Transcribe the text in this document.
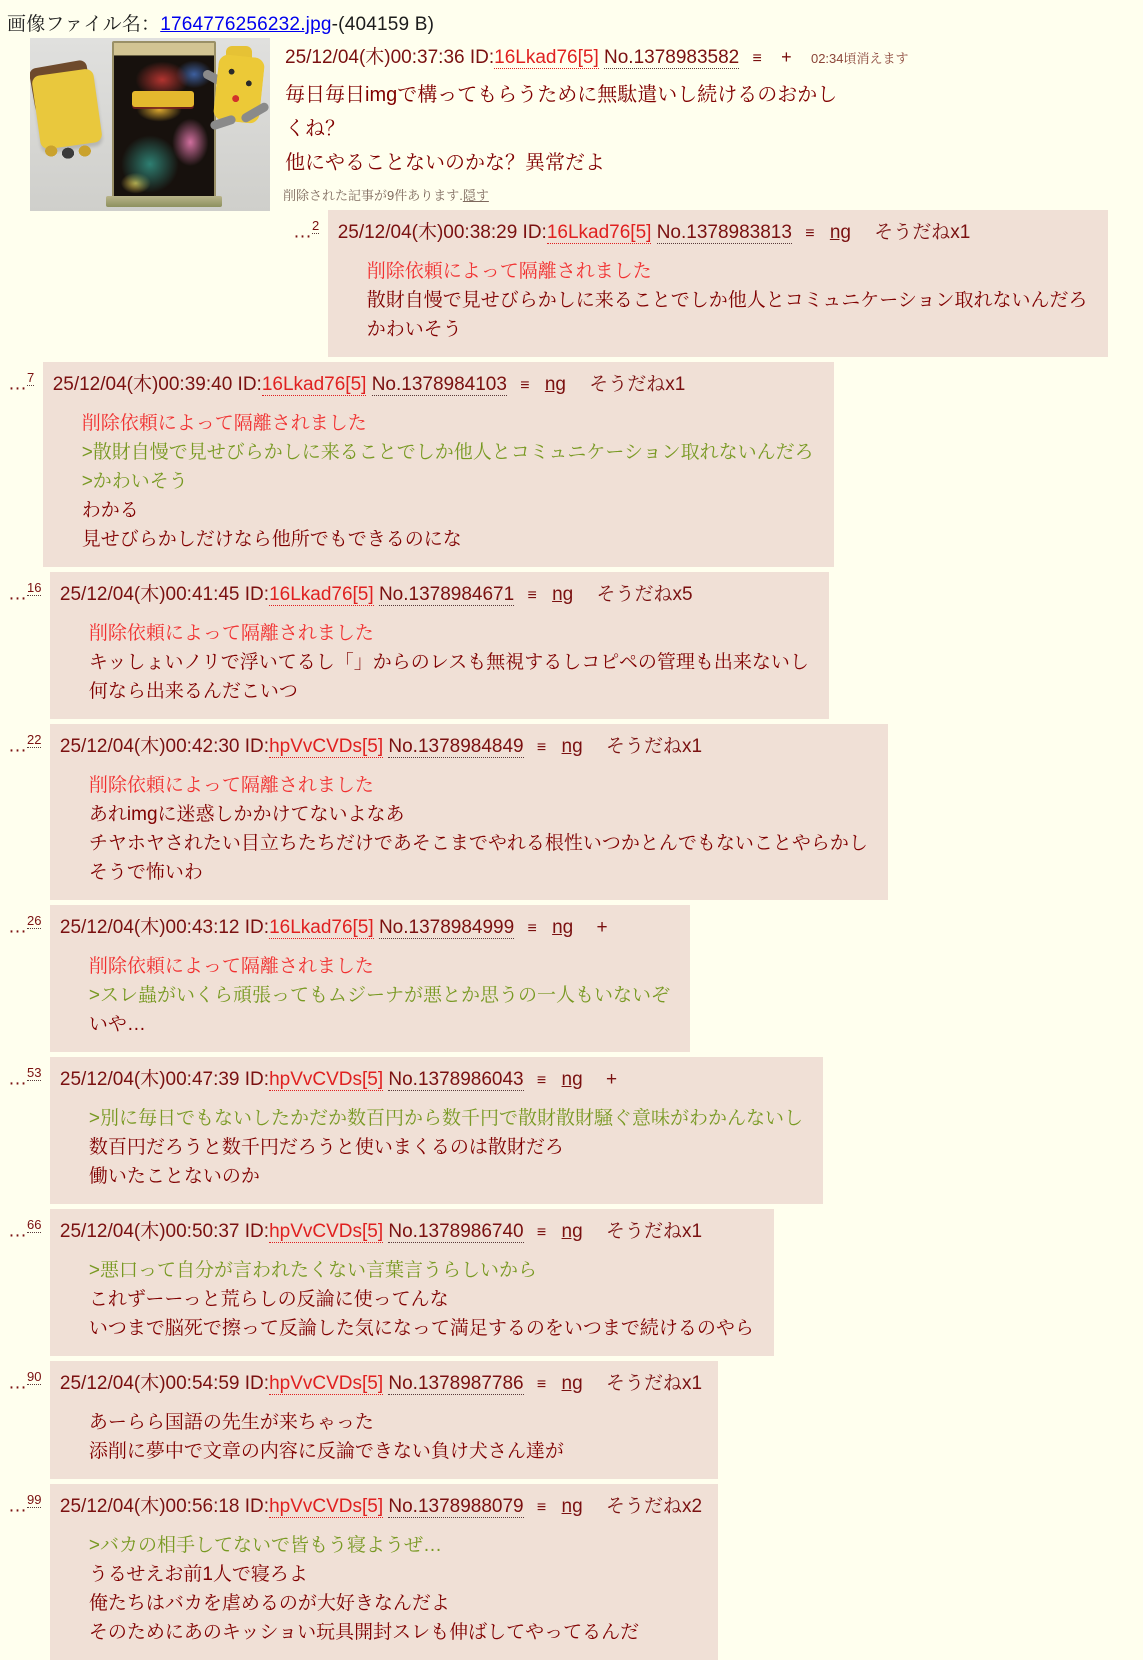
画像ファイル名：1764776256232.jpg-(404159 B)
25/12/04(木)00:37:36 ID:16Lkad76[5] No.1378983582 ≡ + 02:34頃消えます
毎日毎日imgで構ってもらうために無駄遣いし続けるのおかし
くね？
他にやることないのかな？異常だよ
削除された記事が9件あります.隠す
…$^2$ 25/12/04(木)00:38:29 ID:16Lkad76[5] No.1378983813 ≡ ng そうだねx1
削除依頼によって隔離されました
散財自慢で見せびらかしに来ることでしか他人とコミュニケーション取れないんだろ
かわいそう
…$^7$ 25/12/04(木)00:39:40 ID:16Lkad76[5] No.1378984103 ≡ ng そうだねx1
削除依頼によって隔離されました
>散財自慢で見せびらかしに来ることでしか他人とコミュニケーション取れないんだろ
>かわいそう
わかる
見せびらかしだけなら他所でもできるのにな
…$^{16}$ 25/12/04(木)00:41:45 ID:16Lkad76[5] No.1378984671 ≡ ng そうだねx5
削除依頼によって隔離されました
キッしょいノリで浮いてるし「」からのレスも無視するしコピペの管理も出来ないし
何なら出来るんだこいつ
…$^{22}$ 25/12/04(木)00:42:30 ID:hpVvCVDs[5] No.1378984849 ≡ ng そうだねx1
削除依頼によって隔離されました
あれimgに迷惑しかかけてないよなあ
チヤホヤされたい目立ちたちだけであそこまでやれる根性いつかとんでもないことやらかし
そうで怖いわ
…$^{26}$ 25/12/04(木)00:43:12 ID:16Lkad76[5] No.1378984999 ≡ ng +
削除依頼によって隔離されました
>スレ蟲がいくら頑張ってもムジーナが悪とか思うの一人もいないぞ
いや…
…$^{53}$ 25/12/04(木)00:47:39 ID:hpVvCVDs[5] No.1378986043 ≡ ng +
>別に毎日でもないしたかだか数百円から数千円で散財散財騒ぐ意味がわかんないし
数百円だろうと数千円だろうと使いまくるのは散財だろ
働いたことないのか
…$^{66}$ 25/12/04(木)00:50:37 ID:hpVvCVDs[5] No.1378986740 ≡ ng そうだねx1
>悪口って自分が言われたくない言葉言うらしいから
これずーーっと荒らしの反論に使ってんな
いつまで脳死で擦って反論した気になって満足するのをいつまで続けるのやら
…$^{90}$ 25/12/04(木)00:54:59 ID:hpVvCVDs[5] No.1378987786 ≡ ng そうだねx1
あーらら国語の先生が来ちゃった
添削に夢中で文章の内容に反論できない負け犬さん達が
…$^{99}$ 25/12/04(木)00:56:18 ID:hpVvCVDs[5] No.1378988079 ≡ ng そうだねx2
>バカの相手してないで皆もう寝ようぜ…
うるせえお前1人で寝ろよ
俺たちはバカを虐めるのが大好きなんだよ
そのためにあのキッショい玩具開封スレも伸ばしてやってるんだ
